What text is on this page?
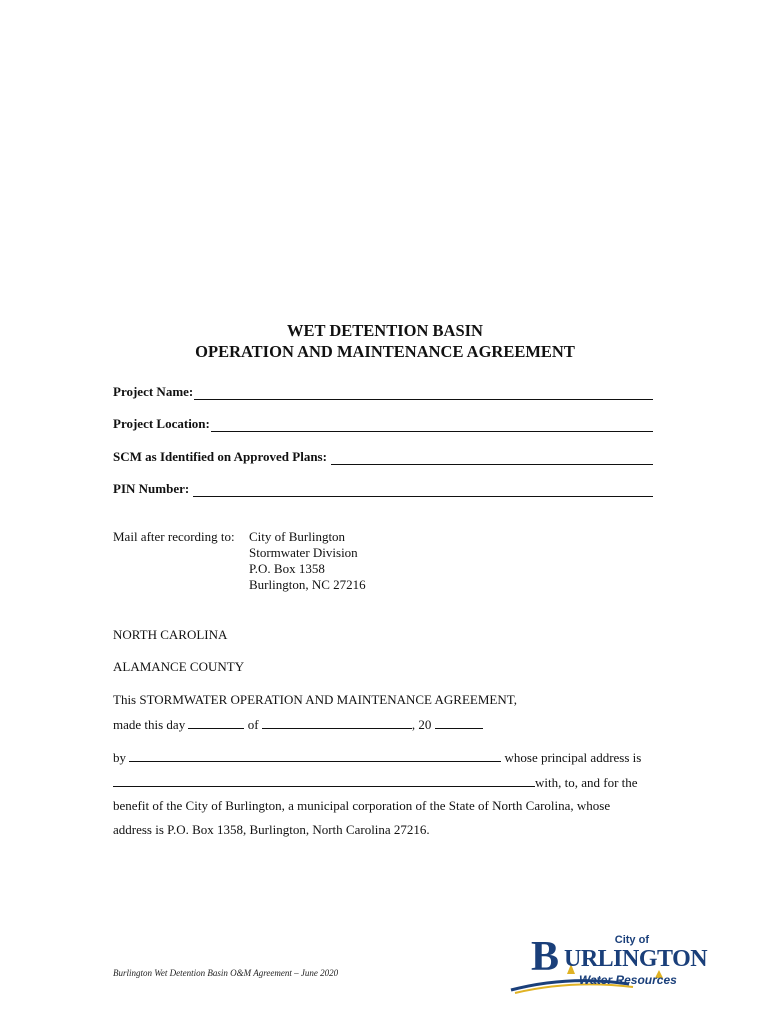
WET DETENTION BASIN
OPERATION AND MAINTENANCE AGREEMENT
Project Name:
Project Location:
SCM as Identified on Approved Plans:
PIN Number:
Mail after recording to: City of Burlington
Stormwater Division
P.O. Box 1358
Burlington, NC 27216
NORTH CAROLINA
ALAMANCE COUNTY
This STORMWATER OPERATION AND MAINTENANCE AGREEMENT,
made this day	of	, 20
by	whose principal address is
with, to, and for the
benefit of the City of Burlington, a municipal corporation of the State of North Carolina, whose
address is P.O. Box 1358, Burlington, North Carolina 27216.
Burlington Wet Detention Basin O&M Agreement – June 2020
City of
B URLINGTON
Water Resources
